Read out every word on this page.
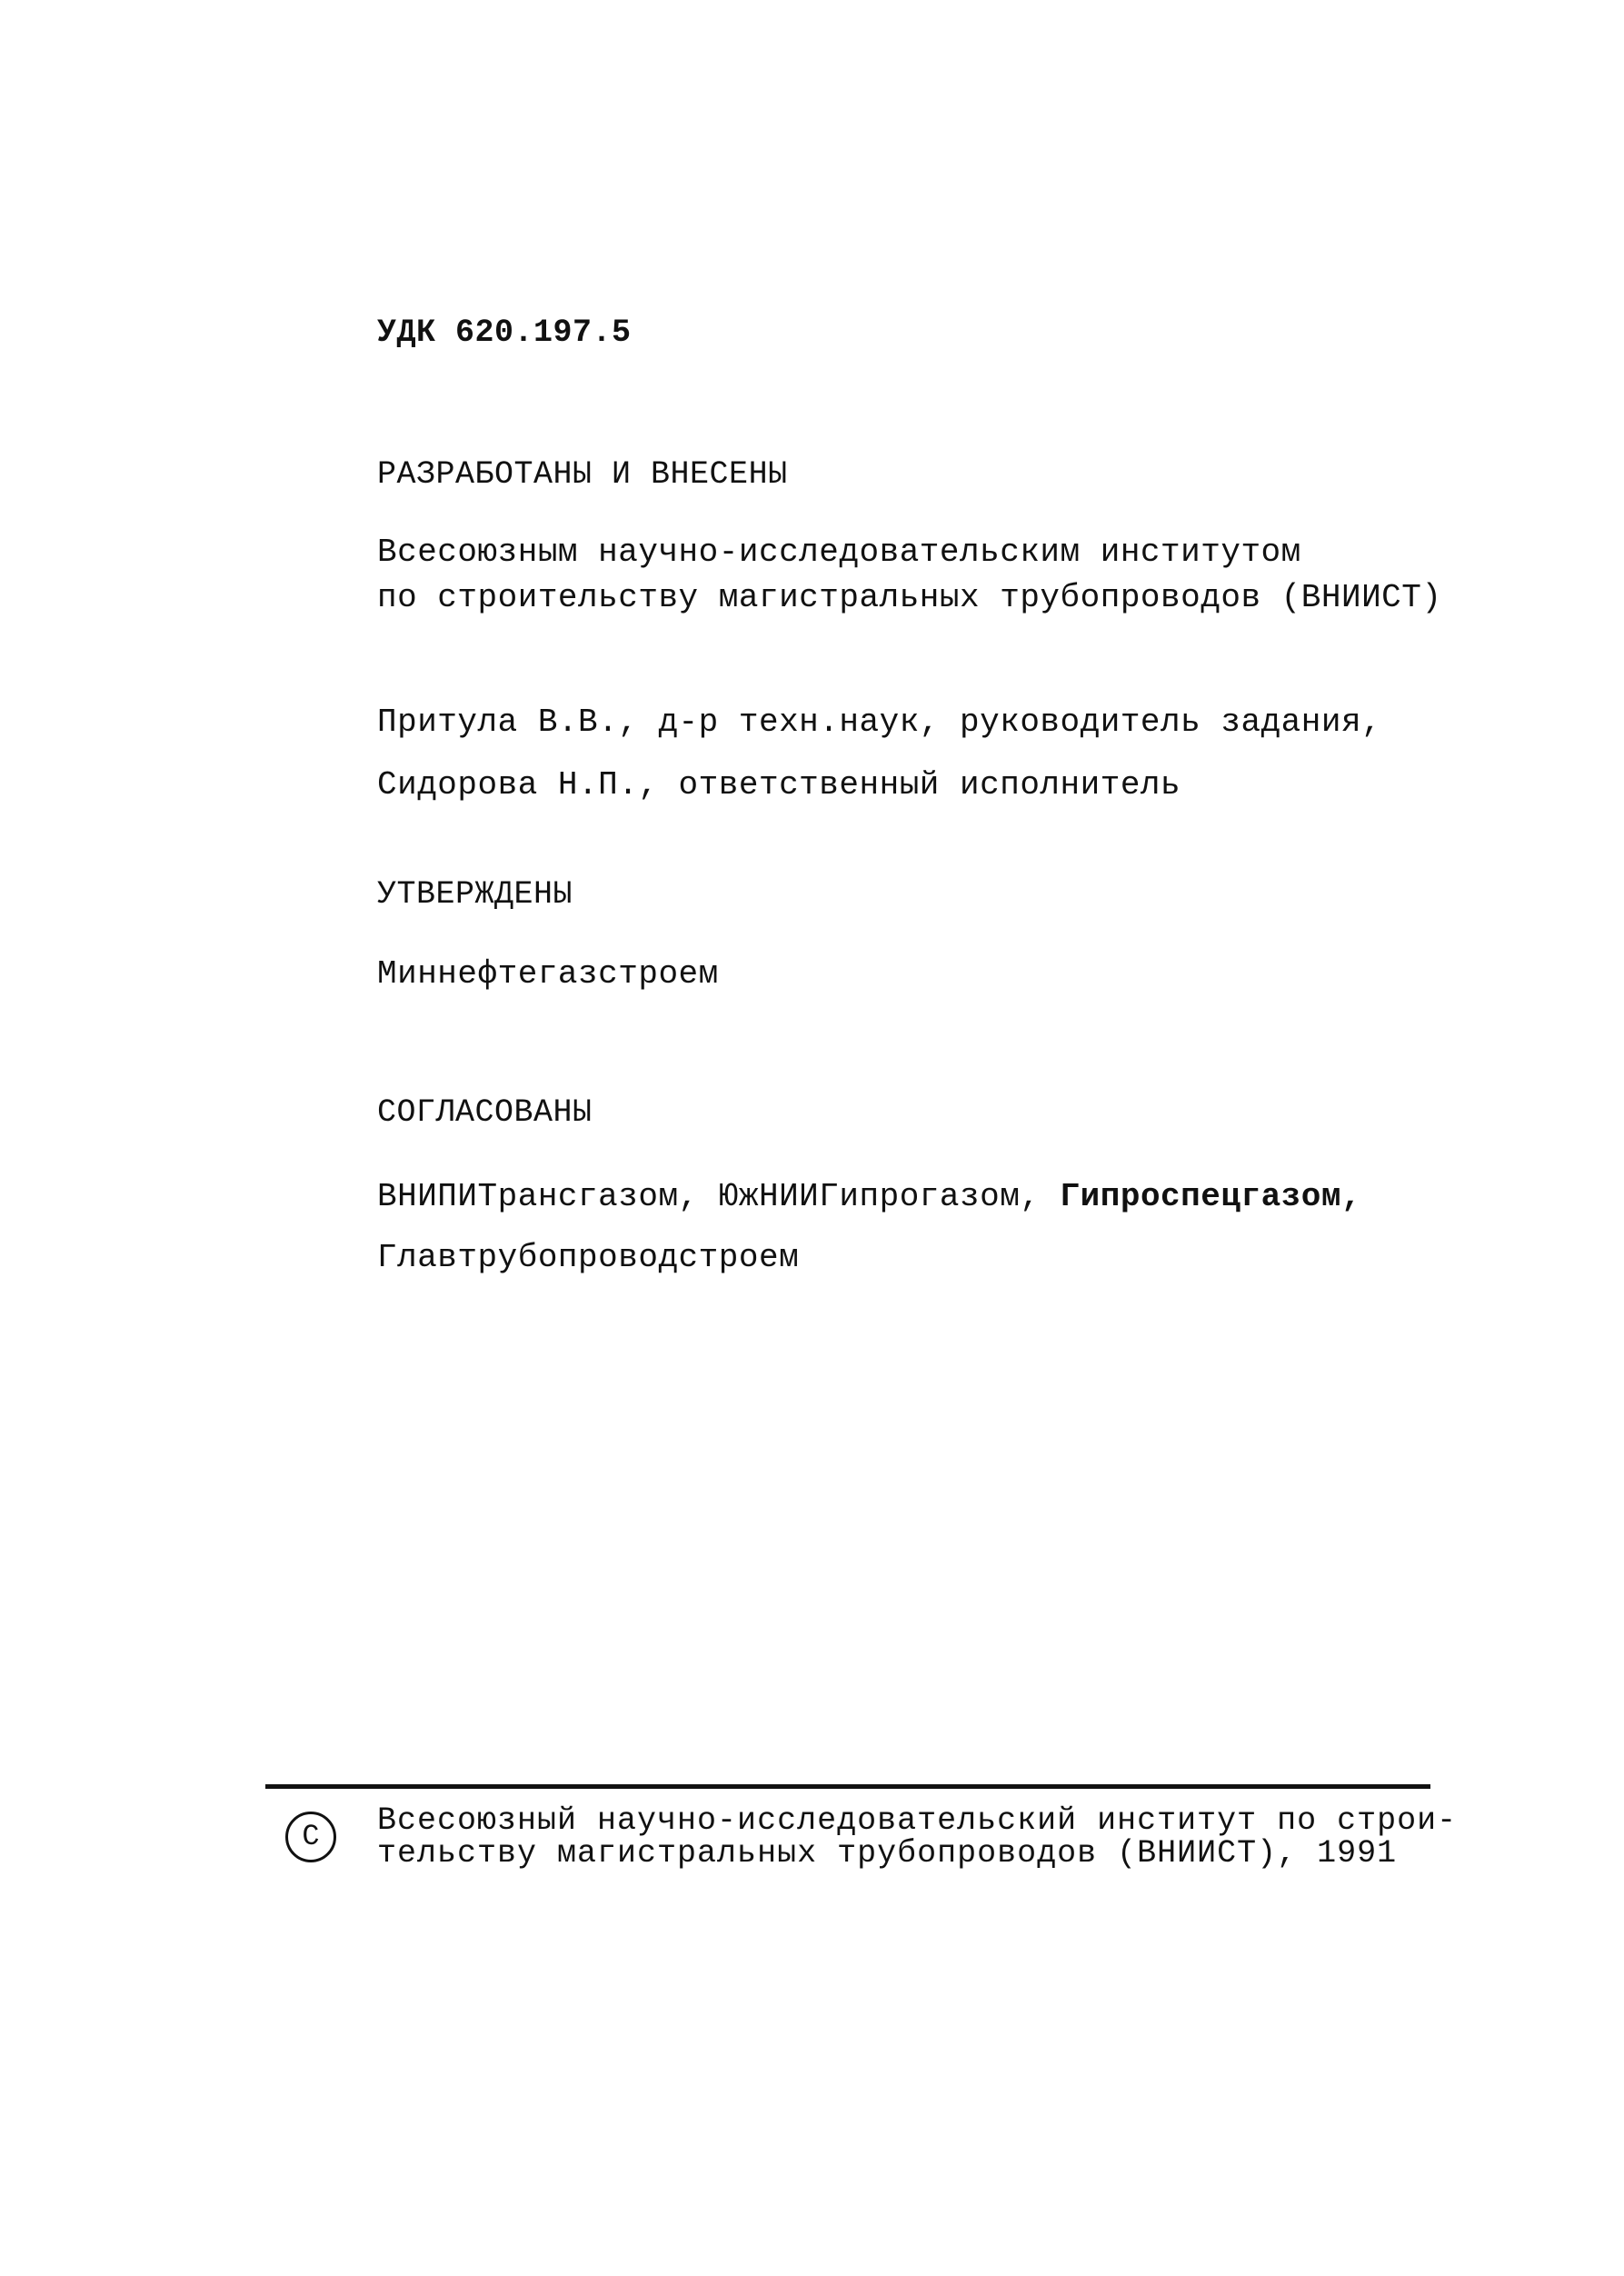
УДК 620.197.5
РАЗРАБОТАНЫ И ВНЕСЕНЫ
Всесоюзным научно-исследовательским институтом
по строительству магистральных трубопроводов (ВНИИСТ)
Притула В.В., д-р техн.наук, руководитель задания,
Сидорова Н.П., ответственный исполнитель
УТВЕРЖДЕНЫ
Миннефтегазстроем
СОГЛАСОВАНЫ
ВНИПИТрансгазом, ЮжНИИГипрогазом, Гипроспецгазом,
Главтрубопроводстроем
C	Всесоюзный научно-исследовательский институт по строи-
тельству магистральных трубопроводов (ВНИИСТ), 1991
